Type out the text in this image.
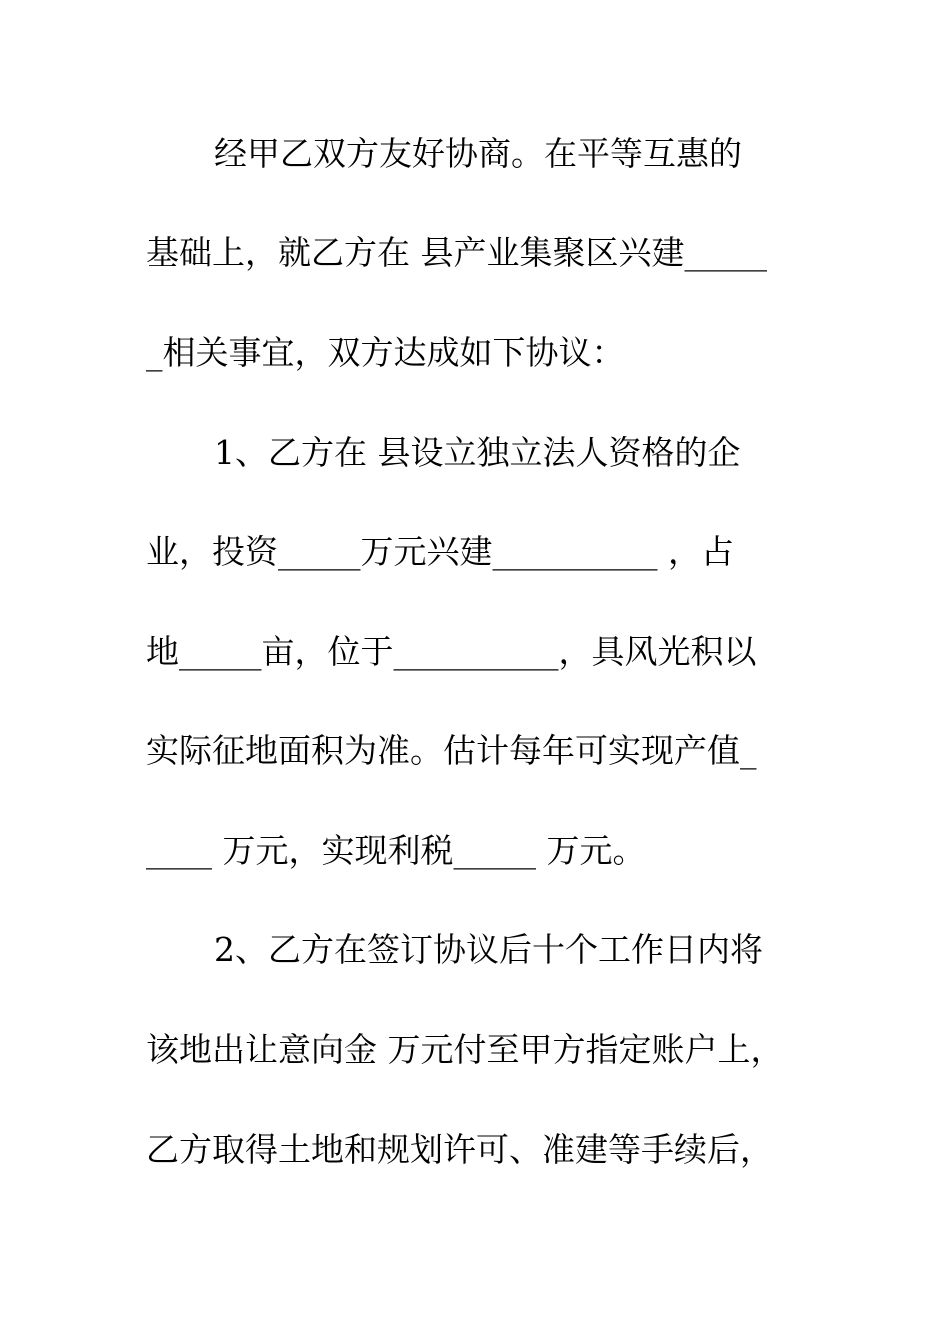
经甲乙双方友好协商。在平等互惠的
基础上，就乙方在 县产业集聚区兴建_____
_相关事宜，双方达成如下协议：
1、乙方在 县设立独立法人资格的企
业，投资_____万元兴建__________ ，占
地_____亩，位于__________，具风光积以
实际征地面积为准。估计每年可实现产值_
____ 万元，实现利税_____ 万元。
2、乙方在签订协议后十个工作日内将
该地出让意向金 万元付至甲方指定账户上，
乙方取得土地和规划许可、准建等手续后，
